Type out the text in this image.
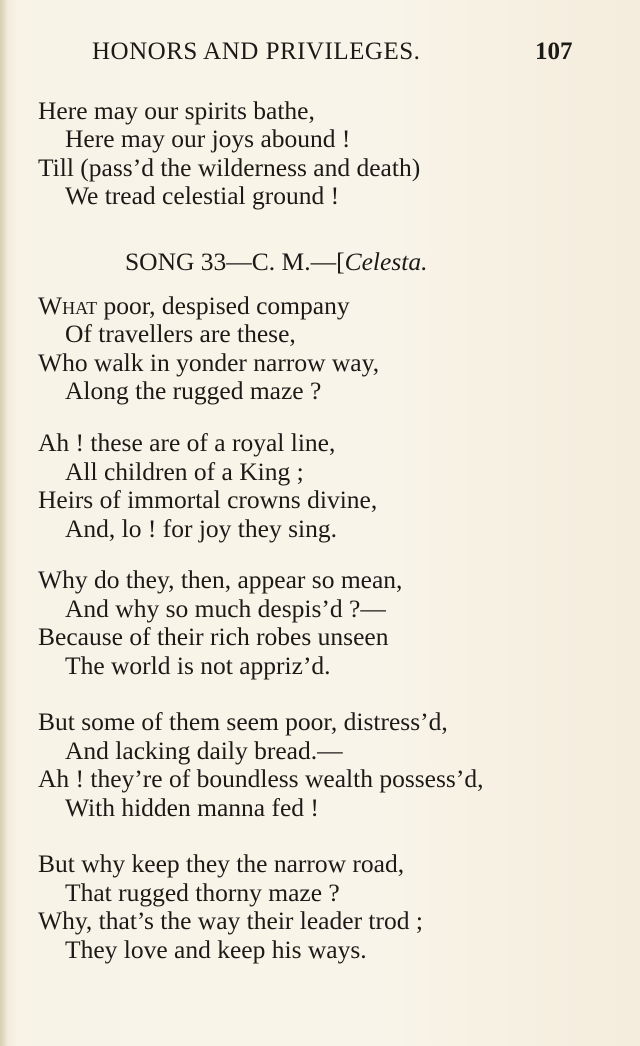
HONORS AND PRIVILEGES.	107
Here may our spirits bathe,
Here may our joys abound !
Till (pass’d the wilderness and death)
We tread celestial ground !
SONG 33—C. M.—[Celesta.
What poor, despised company
Of travellers are these,
Who walk in yonder narrow way,
Along the rugged maze ?
Ah ! these are of a royal line,
All children of a King ;
Heirs of immortal crowns divine,
And, lo ! for joy they sing.
Why do they, then, appear so mean,
And why so much despis’d ?—
Because of their rich robes unseen
The world is not appriz’d.
But some of them seem poor, distress’d,
And lacking daily bread.—
Ah ! they’re of boundless wealth possess’d,
With hidden manna fed !
But why keep they the narrow road,
That rugged thorny maze ?
Why, that’s the way their leader trod ;
They love and keep his ways.
